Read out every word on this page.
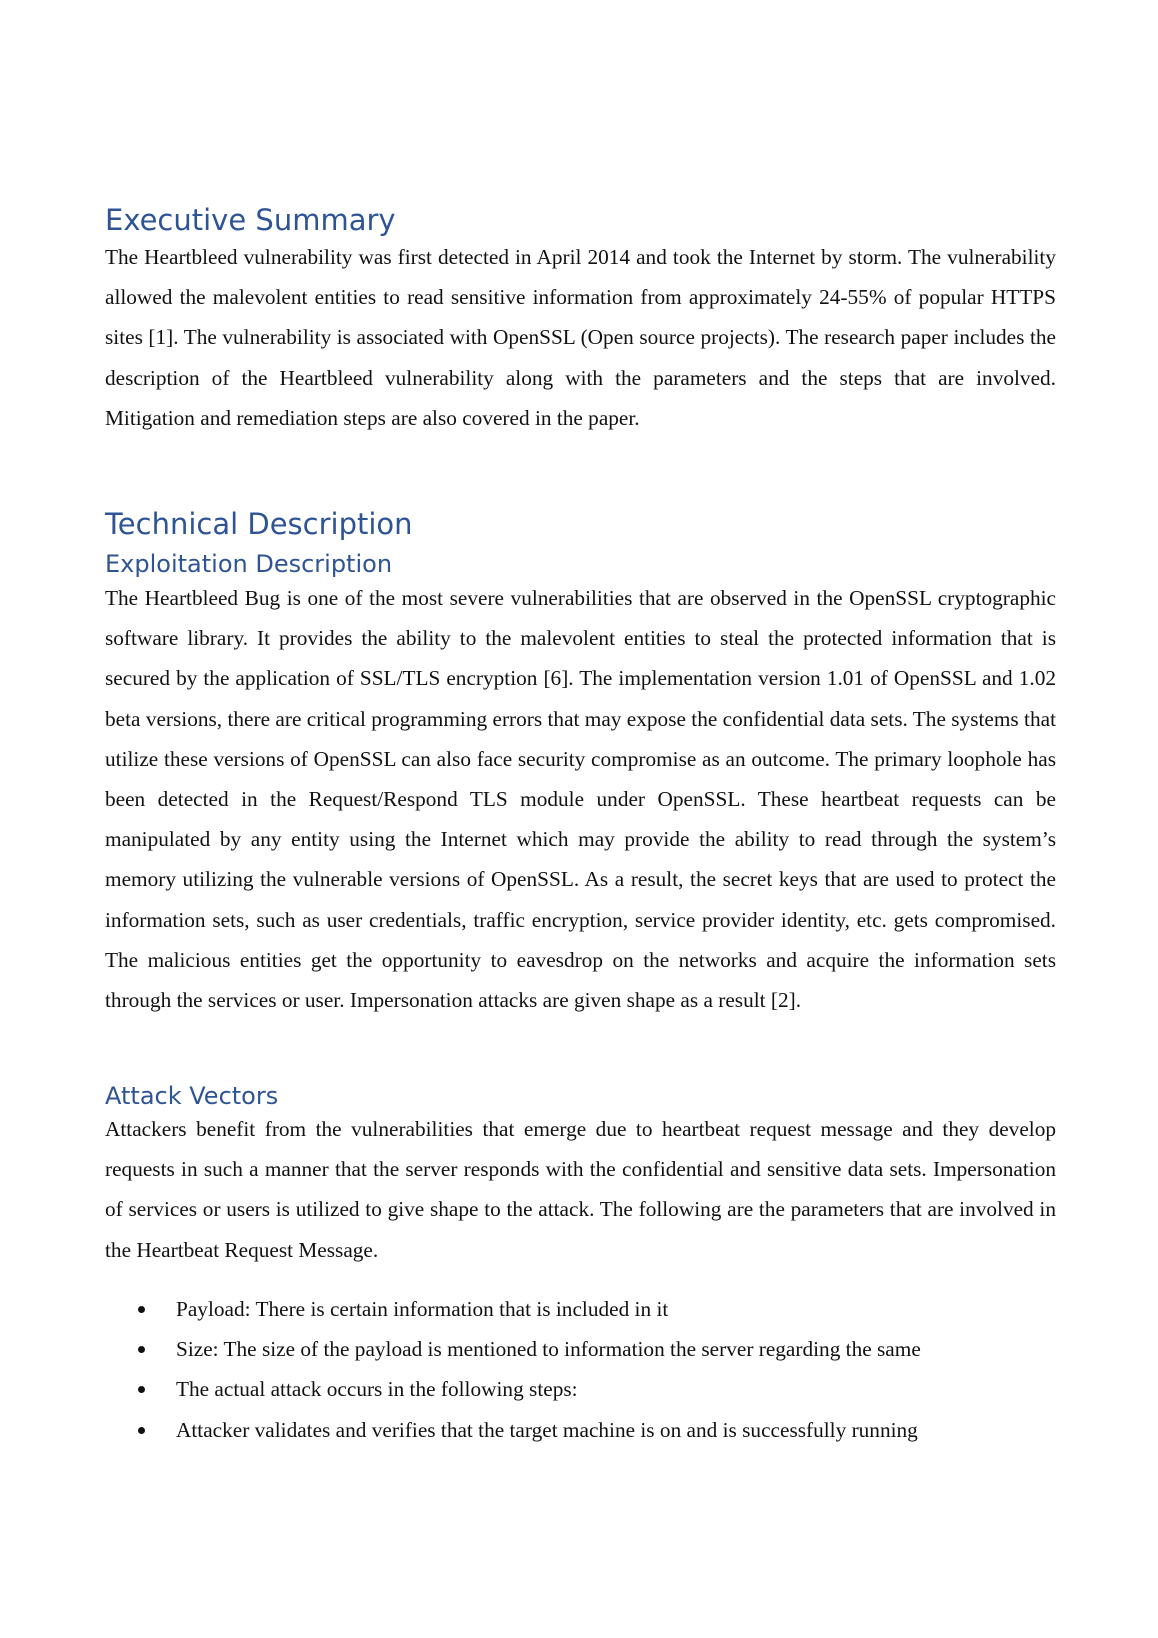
Executive Summary

The Heartbleed vulnerability was first detected in April 2014 and took the Internet by storm. The vulnerability allowed the malevolent entities to read sensitive information from approximately 24-55% of popular HTTPS sites [1]. The vulnerability is associated with OpenSSL (Open source projects). The research paper includes the description of the Heartbleed vulnerability along with the parameters and the steps that are involved. Mitigation and remediation steps are also covered in the paper.

Technical Description
Exploitation Description

The Heartbleed Bug is one of the most severe vulnerabilities that are observed in the OpenSSL cryptographic software library. It provides the ability to the malevolent entities to steal the protected information that is secured by the application of SSL/TLS encryption [6]. The implementation version 1.01 of OpenSSL and 1.02 beta versions, there are critical programming errors that may expose the confidential data sets. The systems that utilize these versions of OpenSSL can also face security compromise as an outcome. The primary loophole has been detected in the Request/Respond TLS module under OpenSSL. These heartbeat requests can be manipulated by any entity using the Internet which may provide the ability to read through the system’s memory utilizing the vulnerable versions of OpenSSL. As a result, the secret keys that are used to protect the information sets, such as user credentials, traffic encryption, service provider identity, etc. gets compromised. The malicious entities get the opportunity to eavesdrop on the networks and acquire the information sets through the services or user. Impersonation attacks are given shape as a result [2].

Attack Vectors

Attackers benefit from the vulnerabilities that emerge due to heartbeat request message and they develop requests in such a manner that the server responds with the confidential and sensitive data sets. Impersonation of services or users is utilized to give shape to the attack. The following are the parameters that are involved in the Heartbeat Request Message.

Payload: There is certain information that is included in it
Size: The size of the payload is mentioned to information the server regarding the same
The actual attack occurs in the following steps:
Attacker validates and verifies that the target machine is on and is successfully running
